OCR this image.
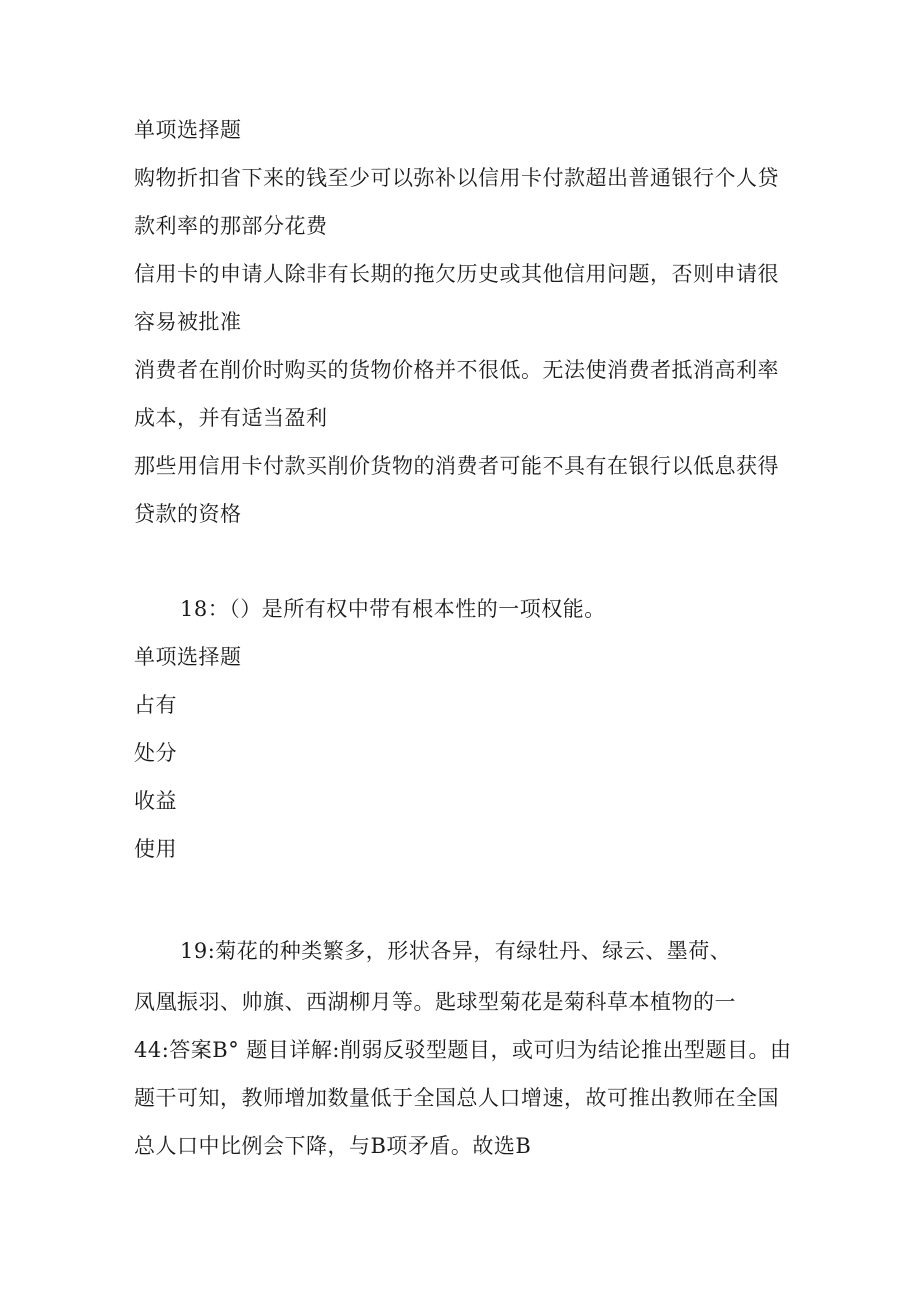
单项选择题
购物折扣省下来的钱至少可以弥补以信用卡付款超出普通银行个人贷
款利率的那部分花费
信用卡的申请人除非有长期的拖欠历史或其他信用问题，否则申请很
容易被批准
消费者在削价时购买的货物价格并不很低。无法使消费者抵消高利率
成本，并有适当盈利
那些用信用卡付款买削价货物的消费者可能不具有在银行以低息获得
贷款的资格
18：（）是所有权中带有根本性的一项权能。
单项选择题
占有
处分
收益
使用
19:菊花的种类繁多，形状各异，有绿牡丹、绿云、墨荷、
凤凰振羽、帅旗、西湖柳月等。匙球型菊花是菊科草本植物的一
44:答案B° 题目详解:削弱反驳型题目，或可归为结论推出型题目。由
题干可知，教师增加数量低于全国总人口增速，故可推出教师在全国
总人口中比例会下降，与B项矛盾。故选B
